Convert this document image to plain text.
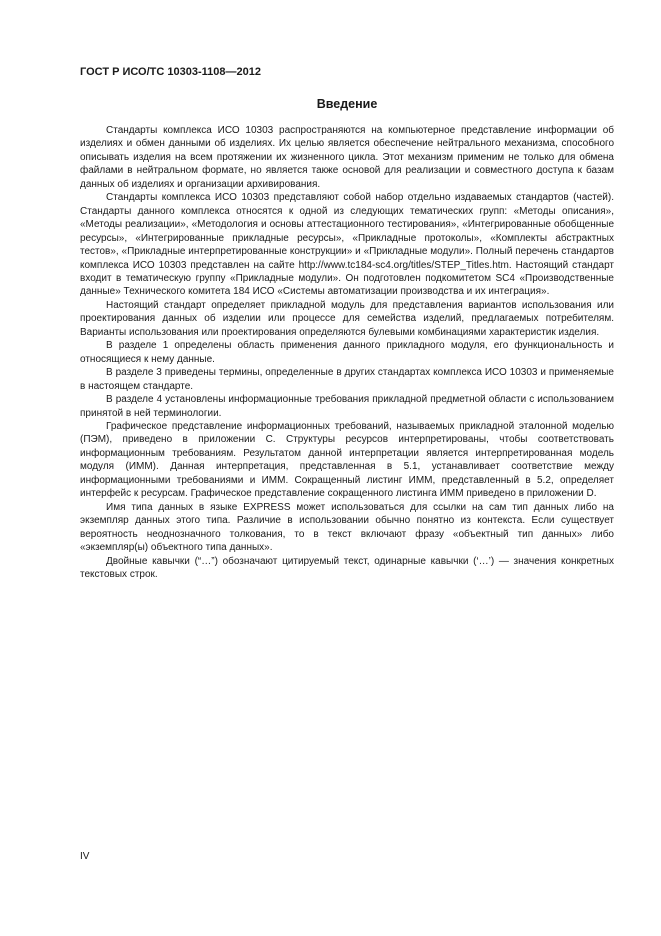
ГОСТ Р ИСО/ТС 10303-1108—2012
Введение

Стандарты комплекса ИСО 10303 распространяются на компьютерное представление информации об изделиях и обмен данными об изделиях. Их целью является обеспечение нейтрального механизма, способного описывать изделия на всем протяжении их жизненного цикла. Этот механизм применим не только для обмена файлами в нейтральном формате, но является также основой для реализации и совместного доступа к базам данных об изделиях и организации архивирования.

Стандарты комплекса ИСО 10303 представляют собой набор отдельно издаваемых стандартов (частей). Стандарты данного комплекса относятся к одной из следующих тематических групп: «Методы описания», «Методы реализации», «Методология и основы аттестационного тестирования», «Интегрированные обобщенные ресурсы», «Интегрированные прикладные ресурсы», «Прикладные протоколы», «Комплекты абстрактных тестов», «Прикладные интерпретированные конструкции» и «Прикладные модули». Полный перечень стандартов комплекса ИСО 10303 представлен на сайте http://www.tc184-sc4.org/titles/STEP_Titles.htm. Настоящий стандарт входит в тематическую группу «Прикладные модули». Он подготовлен подкомитетом SC4 «Производственные данные» Технического комитета 184 ИСО «Системы автоматизации производства и их интеграция».

Настоящий стандарт определяет прикладной модуль для представления вариантов использования или проектирования данных об изделии или процессе для семейства изделий, предлагаемых потребителям. Варианты использования или проектирования определяются булевыми комбинациями характеристик изделия.

В разделе 1 определены область применения данного прикладного модуля, его функциональность и относящиеся к нему данные.

В разделе 3 приведены термины, определенные в других стандартах комплекса ИСО 10303 и применяемые в настоящем стандарте.

В разделе 4 установлены информационные требования прикладной предметной области с использованием принятой в ней терминологии.

Графическое представление информационных требований, называемых прикладной эталонной моделью (ПЭМ), приведено в приложении С. Структуры ресурсов интерпретированы, чтобы соответствовать информационным требованиям. Результатом данной интерпретации является интерпретированная модель модуля (ИММ). Данная интерпретация, представленная в 5.1, устанавливает соответствие между информационными требованиями и ИММ. Сокращенный листинг ИММ, представленный в 5.2, определяет интерфейс к ресурсам. Графическое представление сокращенного листинга ИММ приведено в приложении D.

Имя типа данных в языке EXPRESS может использоваться для ссылки на сам тип данных либо на экземпляр данных этого типа. Различие в использовании обычно понятно из контекста. Если существует вероятность неоднозначного толкования, то в текст включают фразу «объектный тип данных» либо «экземпляр(ы) объектного типа данных».

Двойные кавычки (“…”) обозначают цитируемый текст, одинарные кавычки (‘…’) — значения конкретных текстовых строк.

IV
